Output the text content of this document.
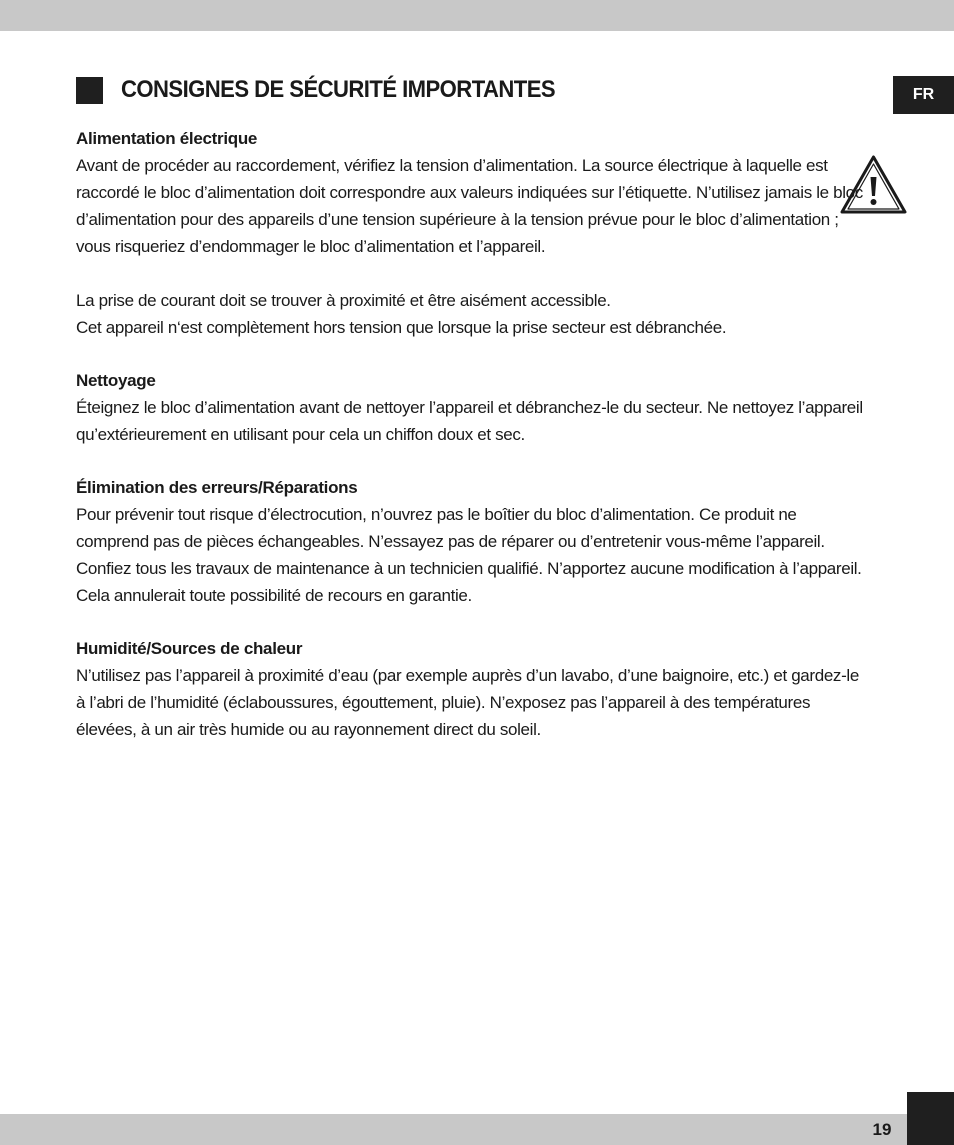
CONSIGNES DE SÉCURITÉ IMPORTANTES	FR
Alimentation électrique

Avant de procéder au raccordement, vérifiez la tension d’alimentation. La source électrique à laquelle est raccordé le bloc d’alimentation doit correspondre aux valeurs indiquées sur l’étiquette. N’utilisez jamais le bloc d’alimentation pour des appareils d’une tension supérieure à la tension prévue pour le bloc d’alimentation ; vous risqueriez d’endommager le bloc d’alimentation et l’appareil.

La prise de courant doit se trouver à proximité et être aisément accessible.

Cet appareil n‘est complètement hors tension que lorsque la prise secteur est débranchée.

Nettoyage

Éteignez le bloc d’alimentation avant de nettoyer l’appareil et débranchez-le du secteur. Ne nettoyez l’appareil qu’extérieurement en utilisant pour cela un chiffon doux et sec.

Élimination des erreurs/Réparations

Pour prévenir tout risque d’électrocution, n’ouvrez pas le boîtier du bloc d’alimentation. Ce produit ne comprend pas de pièces échangeables. N’essayez pas de réparer ou d’entretenir vous-même l’appareil. Confiez tous les travaux de maintenance à un technicien qualifié. N’apportez aucune modification à l’appareil. Cela annulerait toute possibilité de recours en garantie.

Humidité/Sources de chaleur

N’utilisez pas l’appareil à proximité d’eau (par exemple auprès d’un lavabo, d’une baignoire, etc.) et gardez-le à l’abri de l’humidité (éclaboussures, égouttement, pluie). N’exposez pas l’appareil à des températures élevées, à un air très humide ou au rayonnement direct du soleil.

19
